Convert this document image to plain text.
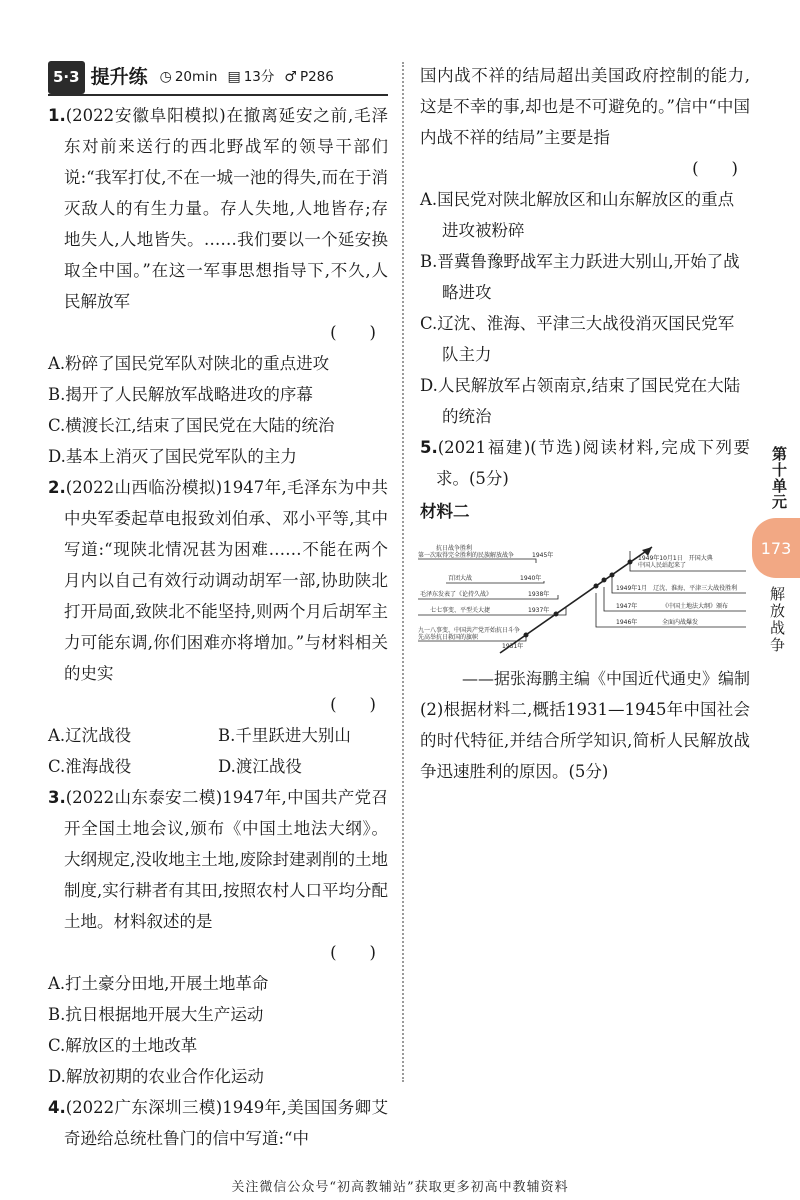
5·3 提升练 ◷ 20min ▤ 13分 ♂ P286

1.(2022安徽阜阳模拟)在撤离延安之前,毛泽东对前来送行的西北野战军的领导干部们说:“我军打仗,不在一城一池的得失,而在于消灭敌人的有生力量。存人失地,人地皆存;存地失人,人地皆失。……我们要以一个延安换取全中国。”在这一军事思想指导下,不久,人民解放军

(　　)

A.粉碎了国民党军队对陕北的重点进攻

B.揭开了人民解放军战略进攻的序幕

C.横渡长江,结束了国民党在大陆的统治

D.基本上消灭了国民党军队的主力

2.(2022山西临汾模拟)1947年,毛泽东为中共中央军委起草电报致刘伯承、邓小平等,其中写道:“现陕北情况甚为困难……不能在两个月内以自己有效行动调动胡军一部,协助陕北打开局面,致陕北不能坚持,则两个月后胡军主力可能东调,你们困难亦将增加。”与材料相关的史实

(　　)
A.辽沈战役	B.千里跃进大别山
C.淮海战役	D.渡江战役

3.(2022山东泰安二模)1947年,中国共产党召开全国土地会议,颁布《中国土地法大纲》。大纲规定,没收地主土地,废除封建剥削的土地制度,实行耕者有其田,按照农村人口平均分配土地。材料叙述的是

(　　)

A.打土豪分田地,开展土地革命

B.抗日根据地开展大生产运动

C.解放区的土地改革

D.解放初期的农业合作化运动

4.(2022广东深圳三模)1949年,美国国务卿艾奇逊给总统杜鲁门的信中写道:“中

国内战不祥的结局超出美国政府控制的能力,这是不幸的事,却也是不可避免的。”信中“中国内战不祥的结局”主要是指

(　　)

A.国民党对陕北解放区和山东解放区的重点进攻被粉碎

B.晋冀鲁豫野战军主力跃进大别山,开始了战略进攻

C.辽沈、淮海、平津三大战役消灭国民党军队主力

D.人民解放军占领南京,结束了国民党在大陆的统治

5.(2021福建)(节选)阅读材料,完成下列要求。(5分)

材料二

抗日战争胜利
第一次取得完全胜利的民族解放战争	1945年
百团大战	1940年
毛泽东发表了《论持久战》	1938年
七七事变、平型关大捷	1937年
九一八事变、中国共产党开始抗日斗争
先高举抗日救国的旗帜
1931年
1949年10月1日　开国大典
中国人民站起来了
1949年1月　辽沈、淮海、平津三大战役胜利
1947年	《中国土地法大纲》颁布
1946年	全面内战爆发

——据张海鹏主编《中国近代通史》编制

(2)根据材料二,概括1931—1945年中国社会的时代特征,并结合所学知识,简析人民解放战争迅速胜利的原因。(5分)

第十单元
173
解放战争
关注微信公众号“初高教辅站”获取更多初高中教辅资料
